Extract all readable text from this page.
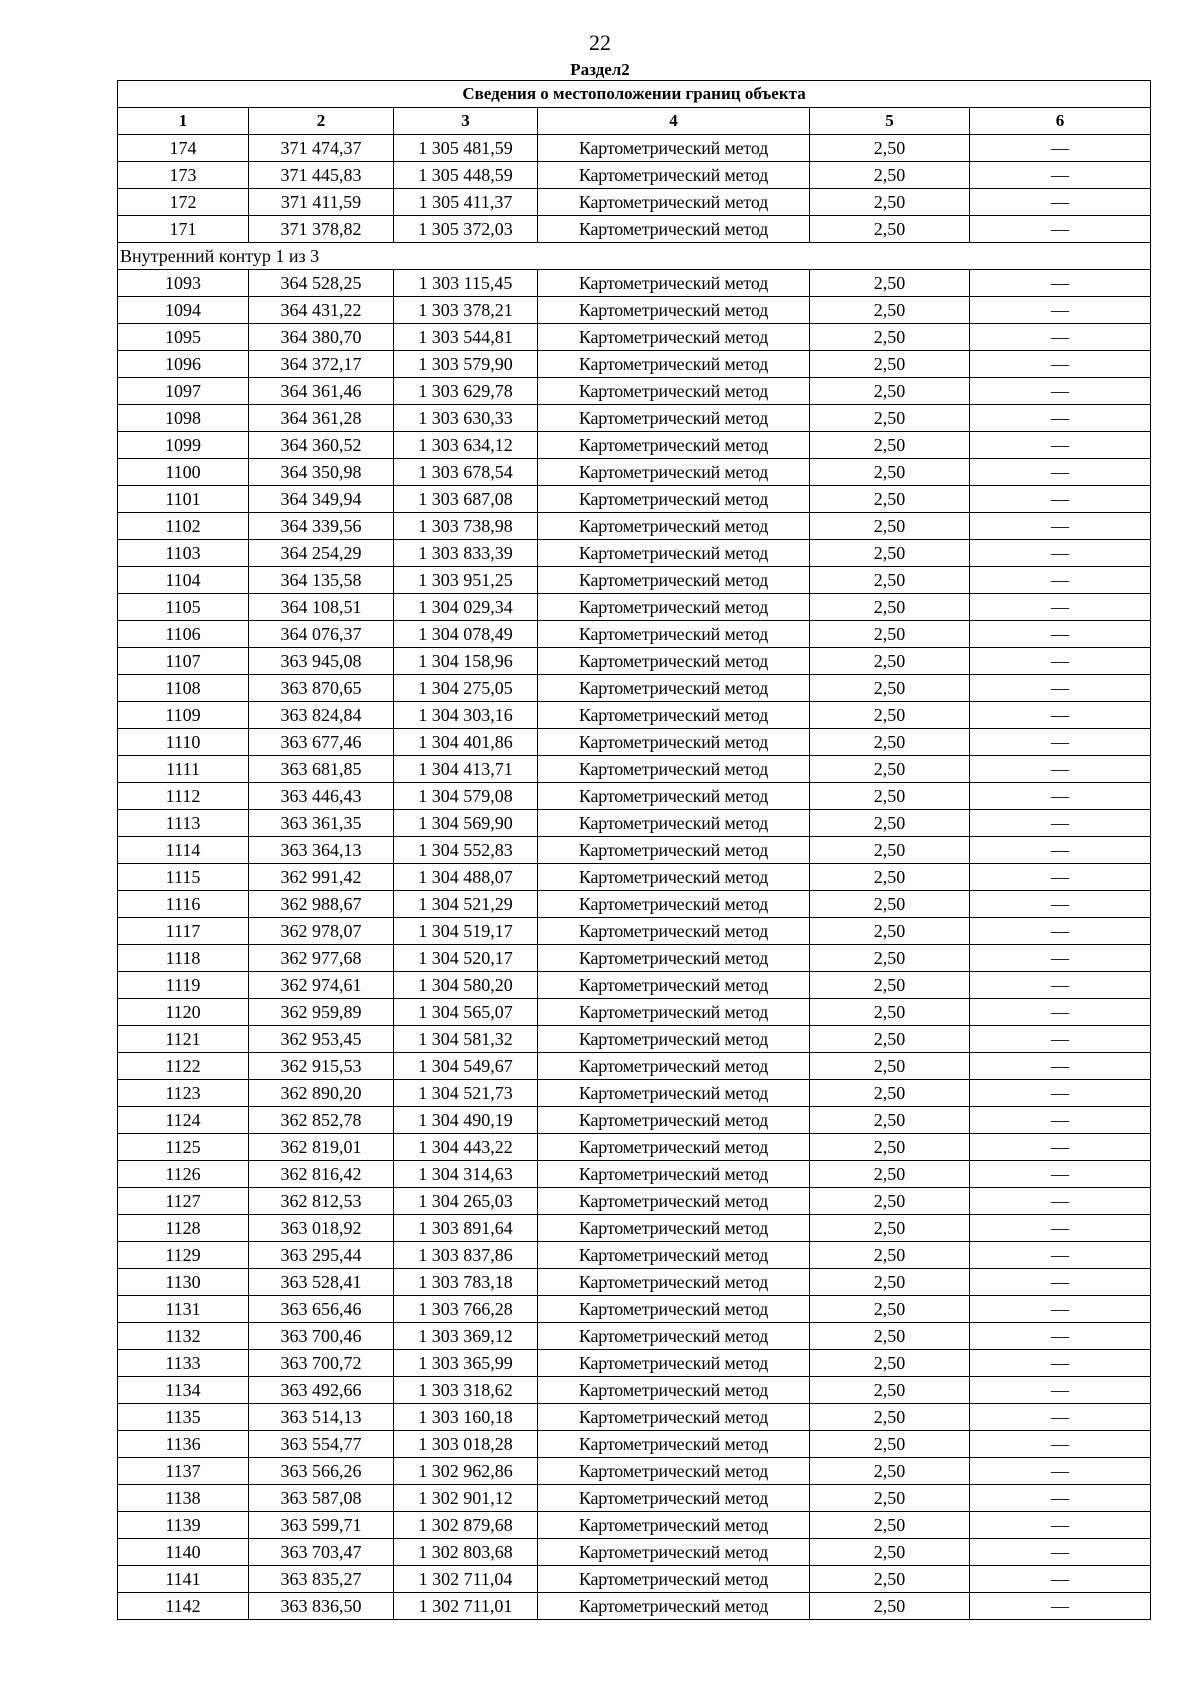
22
Раздел2
Сведения о местоположении границ объекта					
1	2	3	4	5	6
174	371 474,37	1 305 481,59	Картометрический метод	2,50	—
173	371 445,83	1 305 448,59	Картометрический метод	2,50	—
172	371 411,59	1 305 411,37	Картометрический метод	2,50	—
171	371 378,82	1 305 372,03	Картометрический метод	2,50	—
Внутренний контур 1 из 3					
1093	364 528,25	1 303 115,45	Картометрический метод	2,50	—
1094	364 431,22	1 303 378,21	Картометрический метод	2,50	—
1095	364 380,70	1 303 544,81	Картометрический метод	2,50	—
1096	364 372,17	1 303 579,90	Картометрический метод	2,50	—
1097	364 361,46	1 303 629,78	Картометрический метод	2,50	—
1098	364 361,28	1 303 630,33	Картометрический метод	2,50	—
1099	364 360,52	1 303 634,12	Картометрический метод	2,50	—
1100	364 350,98	1 303 678,54	Картометрический метод	2,50	—
1101	364 349,94	1 303 687,08	Картометрический метод	2,50	—
1102	364 339,56	1 303 738,98	Картометрический метод	2,50	—
1103	364 254,29	1 303 833,39	Картометрический метод	2,50	—
1104	364 135,58	1 303 951,25	Картометрический метод	2,50	—
1105	364 108,51	1 304 029,34	Картометрический метод	2,50	—
1106	364 076,37	1 304 078,49	Картометрический метод	2,50	—
1107	363 945,08	1 304 158,96	Картометрический метод	2,50	—
1108	363 870,65	1 304 275,05	Картометрический метод	2,50	—
1109	363 824,84	1 304 303,16	Картометрический метод	2,50	—
1110	363 677,46	1 304 401,86	Картометрический метод	2,50	—
1111	363 681,85	1 304 413,71	Картометрический метод	2,50	—
1112	363 446,43	1 304 579,08	Картометрический метод	2,50	—
1113	363 361,35	1 304 569,90	Картометрический метод	2,50	—
1114	363 364,13	1 304 552,83	Картометрический метод	2,50	—
1115	362 991,42	1 304 488,07	Картометрический метод	2,50	—
1116	362 988,67	1 304 521,29	Картометрический метод	2,50	—
1117	362 978,07	1 304 519,17	Картометрический метод	2,50	—
1118	362 977,68	1 304 520,17	Картометрический метод	2,50	—
1119	362 974,61	1 304 580,20	Картометрический метод	2,50	—
1120	362 959,89	1 304 565,07	Картометрический метод	2,50	—
1121	362 953,45	1 304 581,32	Картометрический метод	2,50	—
1122	362 915,53	1 304 549,67	Картометрический метод	2,50	—
1123	362 890,20	1 304 521,73	Картометрический метод	2,50	—
1124	362 852,78	1 304 490,19	Картометрический метод	2,50	—
1125	362 819,01	1 304 443,22	Картометрический метод	2,50	—
1126	362 816,42	1 304 314,63	Картометрический метод	2,50	—
1127	362 812,53	1 304 265,03	Картометрический метод	2,50	—
1128	363 018,92	1 303 891,64	Картометрический метод	2,50	—
1129	363 295,44	1 303 837,86	Картометрический метод	2,50	—
1130	363 528,41	1 303 783,18	Картометрический метод	2,50	—
1131	363 656,46	1 303 766,28	Картометрический метод	2,50	—
1132	363 700,46	1 303 369,12	Картометрический метод	2,50	—
1133	363 700,72	1 303 365,99	Картометрический метод	2,50	—
1134	363 492,66	1 303 318,62	Картометрический метод	2,50	—
1135	363 514,13	1 303 160,18	Картометрический метод	2,50	—
1136	363 554,77	1 303 018,28	Картометрический метод	2,50	—
1137	363 566,26	1 302 962,86	Картометрический метод	2,50	—
1138	363 587,08	1 302 901,12	Картометрический метод	2,50	—
1139	363 599,71	1 302 879,68	Картометрический метод	2,50	—
1140	363 703,47	1 302 803,68	Картометрический метод	2,50	—
1141	363 835,27	1 302 711,04	Картометрический метод	2,50	—
1142	363 836,50	1 302 711,01	Картометрический метод	2,50	—
